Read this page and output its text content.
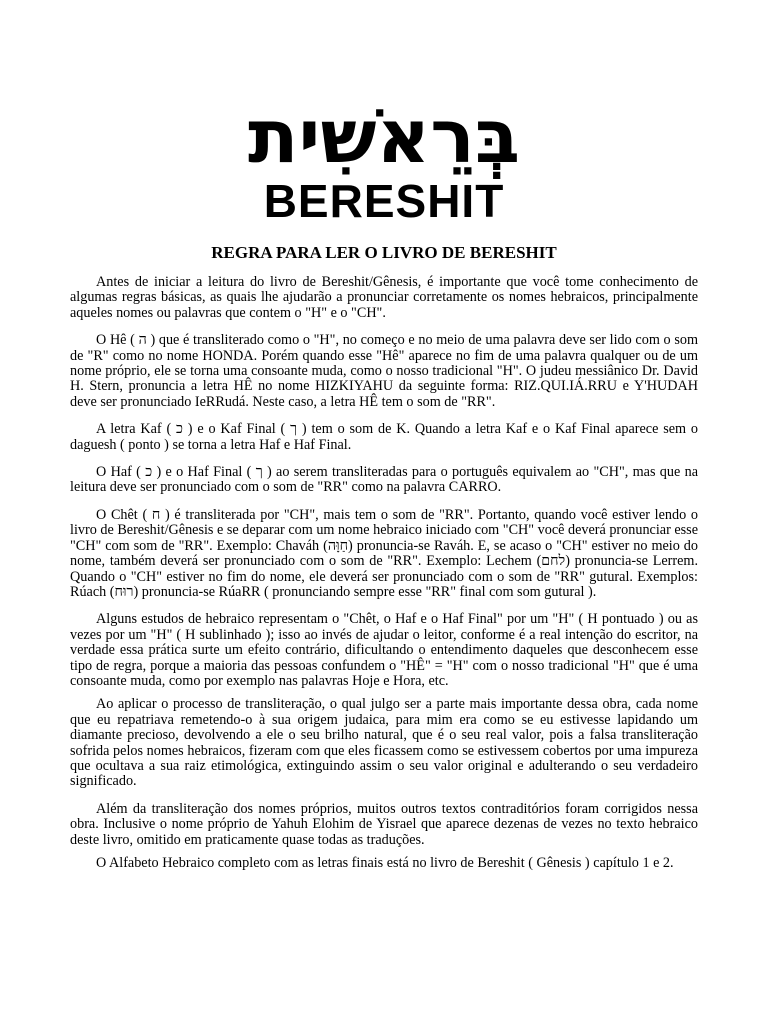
בְּרֵאשִׁית
BERESHIT
REGRA PARA LER O LIVRO DE BERESHIT

Antes de iniciar a leitura do livro de Bereshit/Gênesis, é importante que você tome conhecimento de algumas regras básicas, as quais lhe ajudarão a pronunciar corretamente os nomes hebraicos, principalmente aqueles nomes ou palavras que contem o "H" e o "CH".

O Hê ( ה ) que é transliterado como o "H", no começo e no meio de uma palavra deve ser lido com o som de "R" como no nome HONDA. Porém quando esse "Hê" aparece no fim de uma palavra qualquer ou de um nome próprio, ele se torna uma consoante muda, como o nosso tradicional "H". O judeu messiânico Dr. David H. Stern, pronuncia a letra HÊ no nome HIZKIYAHU da seguinte forma: RIZ.QUI.IÁ.RRU e Y'HUDAH deve ser pronunciado IeRRudá. Neste caso, a letra HÊ tem o som de "RR".

A letra Kaf ( כ ) e o Kaf Final ( ך ) tem o som de K. Quando a letra Kaf e o Kaf Final aparece sem o daguesh ( ponto ) se torna a letra Haf e Haf Final.

O Haf ( כ ) e o Haf Final ( ך ) ao serem transliteradas para o português equivalem ao "CH", mas que na leitura deve ser pronunciado com o som de "RR" como na palavra CARRO.

O Chêt ( ח ) é transliterada por "CH", mais tem o som de "RR". Portanto, quando você estiver lendo o livro de Bereshit/Gênesis e se deparar com um nome hebraico iniciado com "CH" você deverá pronunciar esse "CH" com som de "RR". Exemplo: Chaváh (חַוָּה) pronuncia-se Raváh. E, se acaso o "CH" estiver no meio do nome, também deverá ser pronunciado com o som de "RR". Exemplo: Lechem (לחם) pronuncia-se Lerrem. Quando o "CH" estiver no fim do nome, ele deverá ser pronunciado com o som de "RR" gutural. Exemplos: Rúach (רוּח) pronuncia-se RúaRR ( pronunciando sempre esse "RR" final com som gutural ).

Alguns estudos de hebraico representam o "Chêt, o Haf e o Haf Final" por um "H" ( H pontuado ) ou as vezes por um "H" ( H sublinhado ); isso ao invés de ajudar o leitor, conforme é a real intenção do escritor, na verdade essa prática surte um efeito contrário, dificultando o entendimento daqueles que desconhecem esse tipo de regra, porque a maioria das pessoas confundem o "HÊ" = "H" com o nosso tradicional "H" que é uma consoante muda, como por exemplo nas palavras Hoje e Hora, etc.

Ao aplicar o processo de transliteração, o qual julgo ser a parte mais importante dessa obra, cada nome que eu repatriava remetendo-o à sua origem judaica, para mim era como se eu estivesse lapidando um diamante precioso, devolvendo a ele o seu brilho natural, que é o seu real valor, pois a falsa transliteração sofrida pelos nomes hebraicos, fizeram com que eles ficassem como se estivessem cobertos por uma impureza que ocultava a sua raiz etimológica, extinguindo assim o seu valor original e adulterando o seu verdadeiro significado.

Além da transliteração dos nomes próprios, muitos outros textos contraditórios foram corrigidos nessa obra. Inclusive o nome próprio de Yahuh Elohim de Yisrael que aparece dezenas de vezes no texto hebraico deste livro, omitido em praticamente quase todas as traduções.

O Alfabeto Hebraico completo com as letras finais está no livro de Bereshit ( Gênesis ) capítulo 1 e 2.
